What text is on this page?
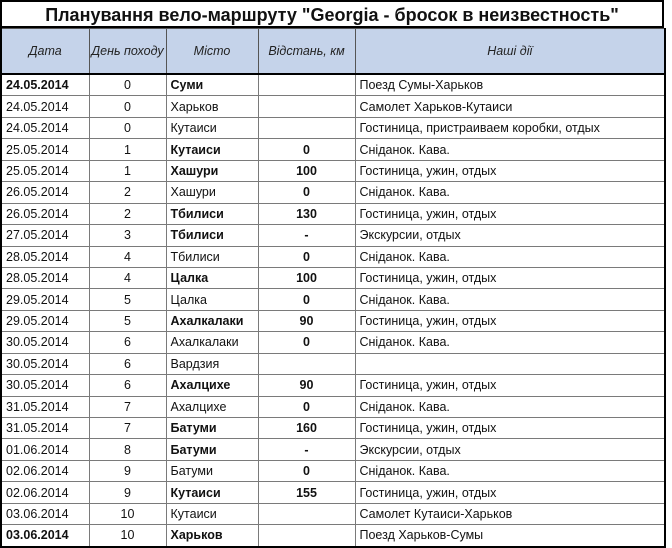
Планування вело-маршруту "Georgia - бросок в неизвестность"
Дата	День походу	Місто	Відстань, км	Наші дії
24.05.2014	0	Суми		Поезд Сумы-Харьков
24.05.2014	0	Харьков		Самолет Харьков-Кутаиси
24.05.2014	0	Кутаиси		Гостиница, пристраиваем коробки, отдых
25.05.2014	1	Кутаиси	0	Сніданок. Кава.
25.05.2014	1	Хашури	100	Гостиница, ужин, отдых
26.05.2014	2	Хашури	0	Сніданок. Кава.
26.05.2014	2	Тбилиси	130	Гостиница, ужин, отдых
27.05.2014	3	Тбилиси	-	Экскурсии, отдых
28.05.2014	4	Тбилиси	0	Сніданок. Кава.
28.05.2014	4	Цалка	100	Гостиница, ужин, отдых
29.05.2014	5	Цалка	0	Сніданок. Кава.
29.05.2014	5	Ахалкалаки	90	Гостиница, ужин, отдых
30.05.2014	6	Ахалкалаки	0	Сніданок. Кава.
30.05.2014	6	Вардзия		
30.05.2014	6	Ахалцихе	90	Гостиница, ужин, отдых
31.05.2014	7	Ахалцихе	0	Сніданок. Кава.
31.05.2014	7	Батуми	160	Гостиница, ужин, отдых
01.06.2014	8	Батуми	-	Экскурсии, отдых
02.06.2014	9	Батуми	0	Сніданок. Кава.
02.06.2014	9	Кутаиси	155	Гостиница, ужин, отдых
03.06.2014	10	Кутаиси		Самолет Кутаиси-Харьков
03.06.2014	10	Харьков		Поезд Харьков-Сумы
